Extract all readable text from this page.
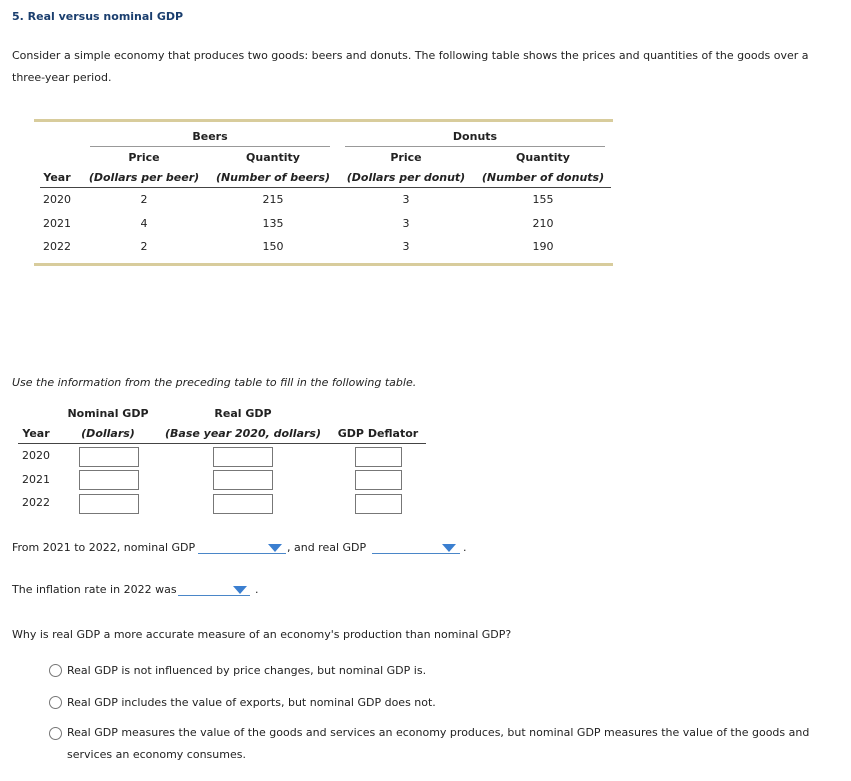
5. Real versus nominal GDP
Consider a simple economy that produces two goods: beers and donuts. The following table shows the prices and quantities of the goods over a three-year period.
Beers	Donuts
Price	Quantity	Price	Quantity
Year	(Dollars per beer)	(Number of beers)	(Dollars per donut)	(Number of donuts)
2020	2	215	3	155
2021	4	135	3	210
2022	2	150	3	190
Use the information from the preceding table to fill in the following table.
Nominal GDP	Real GDP
Year	(Dollars)	(Base year 2020, dollars)	GDP Deflator
2020
2021
2022
From 2021 to 2022, nominal GDP	, and real GDP	.
The inflation rate in 2022 was	.
Why is real GDP a more accurate measure of an economy's production than nominal GDP?
Real GDP is not influenced by price changes, but nominal GDP is.
Real GDP includes the value of exports, but nominal GDP does not.
Real GDP measures the value of the goods and services an economy produces, but nominal GDP measures the value of the goods and services an economy consumes.
